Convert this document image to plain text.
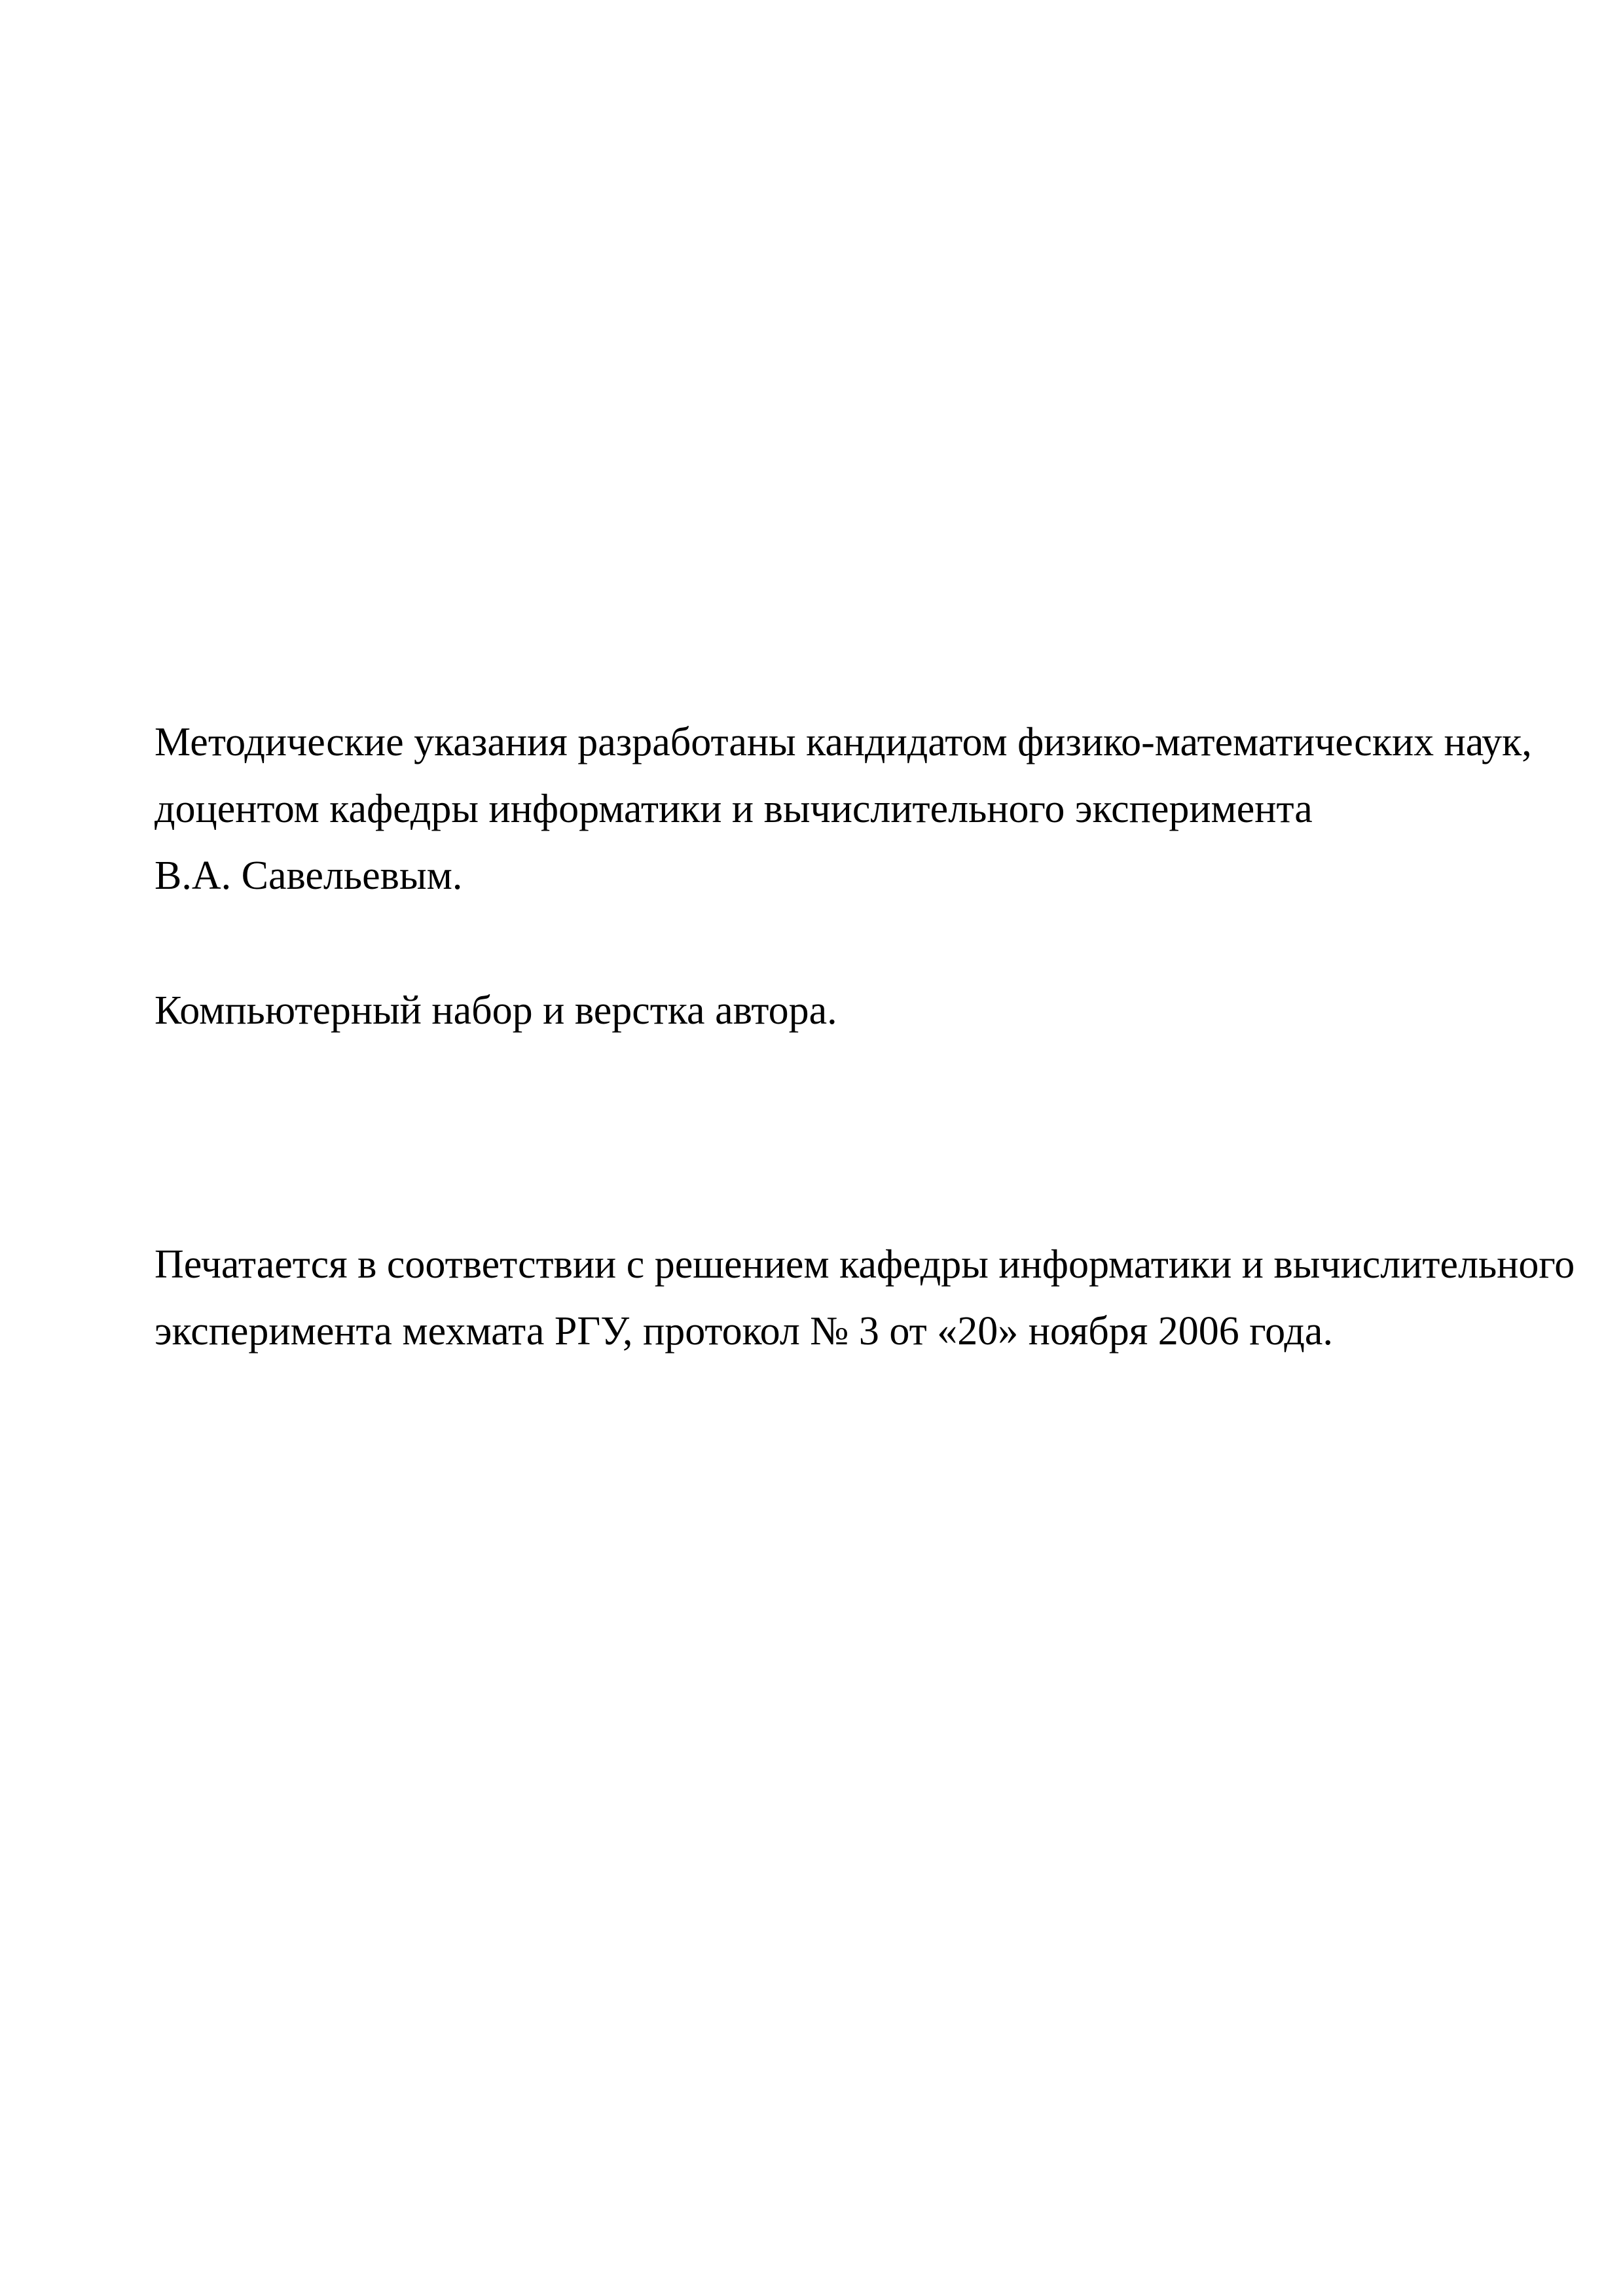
Методические указания разработаны кандидатом физико-математических наук,

доцентом кафедры информатики и вычислительного эксперимента

В.А. Савельевым.

Компьютерный набор и верстка автора.

Печатается в соответствии с решением кафедры информатики и вычислительного

эксперимента мехмата РГУ, протокол № 3 от «20» ноября 2006 года.
